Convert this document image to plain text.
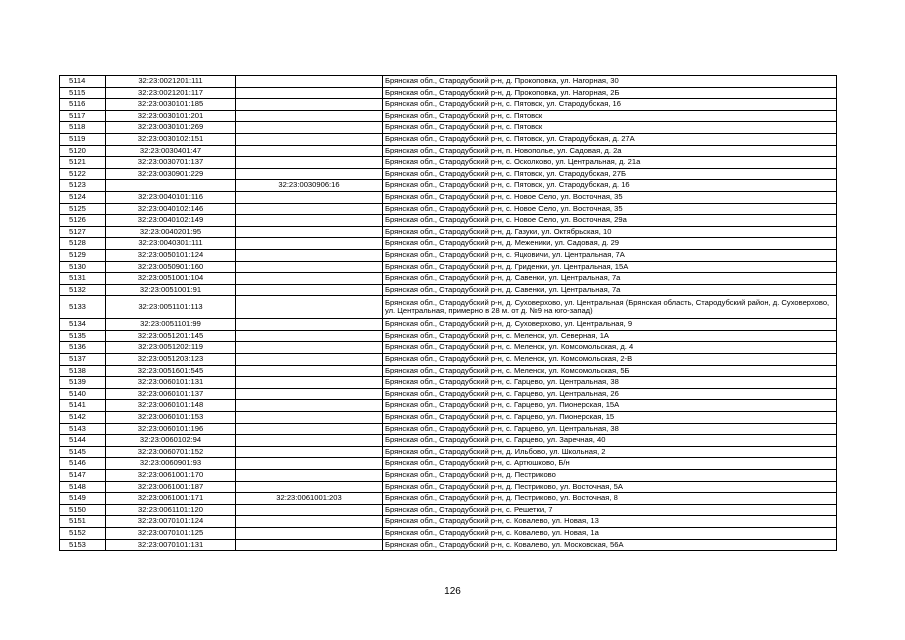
5114	32:23:0021201:111		Брянская обл., Стародубский р-н, д. Прокоповка, ул. Нагорная, 30
5115	32:23:0021201:117		Брянская обл., Стародубский р-н, д. Прокоповка, ул. Нагорная, 2Б
5116	32:23:0030101:185		Брянская обл., Стародубский р-н, с. Пятовск, ул. Стародубская, 16
5117	32:23:0030101:201		Брянская обл., Стародубский р-н, с. Пятовск
5118	32:23:0030101:269		Брянская обл., Стародубский р-н, с. Пятовск
5119	32:23:0030102:151		Брянская обл., Стародубский р-н, с. Пятовск, ул. Стародубская, д. 27А
5120	32:23:0030401:47		Брянская обл., Стародубский р-н, п. Новополье, ул. Садовая, д. 2а
5121	32:23:0030701:137		Брянская обл., Стародубский р-н, с. Осколково, ул. Центральная, д. 21а
5122	32:23:0030901:229		Брянская обл., Стародубский р-н, с. Пятовск, ул. Стародубская, 27Б
5123		32:23:0030906:16	Брянская обл., Стародубский р-н, с. Пятовск, ул. Стародубская, д. 16
5124	32:23:0040101:116		Брянская обл., Стародубский р-н, с. Новое Село, ул. Восточная, 35
5125	32:23:0040102:146		Брянская обл., Стародубский р-н, с. Новое Село, ул. Восточная, 35
5126	32:23:0040102:149		Брянская обл., Стародубский р-н, с. Новое Село, ул. Восточная, 29а
5127	32:23:0040201:95		Брянская обл., Стародубский р-н, д. Газуки, ул. Октябрьская, 10
5128	32:23:0040301:111		Брянская обл., Стародубский р-н, д. Меженики, ул. Садовая, д. 29
5129	32:23:0050101:124		Брянская обл., Стародубский р-н, с. Яцковичи, ул. Центральная, 7А
5130	32:23:0050901:160		Брянская обл., Стародубский р-н, д. Гриденки, ул. Центральная, 15А
5131	32:23:0051001:104		Брянская обл., Стародубский р-н, д. Савенки, ул. Центральная, 7а
5132	32:23:0051001:91		Брянская обл., Стародубский р-н, д. Савенки, ул. Центральная, 7а
5133	32:23:0051101:113		Брянская обл., Стародубский р-н, д. Суховерхово, ул. Центральная (Брянская область, Стародубский район, д. Суховерхово, ул. Центральная, примерно в 28 м. от д. №9 на юго-запад)
5134	32:23:0051101:99		Брянская обл., Стародубский р-н, д. Суховерхово, ул. Центральная, 9
5135	32:23:0051201:145		Брянская обл., Стародубский р-н, с. Меленск, ул. Северная, 1А
5136	32:23:0051202:119		Брянская обл., Стародубский р-н, с. Меленск, ул. Комсомольская, д. 4
5137	32:23:0051203:123		Брянская обл., Стародубский р-н, с. Меленск, ул. Комсомольская, 2-В
5138	32:23:0051601:545		Брянская обл., Стародубский р-н, с. Меленск, ул. Комсомольская, 5Б
5139	32:23:0060101:131		Брянская обл., Стародубский р-н, с. Гарцево, ул. Центральная, 38
5140	32:23:0060101:137		Брянская обл., Стародубский р-н, с. Гарцево, ул. Центральная, 26
5141	32:23:0060101:148		Брянская обл., Стародубский р-н, с. Гарцево, ул. Пионерская, 15А
5142	32:23:0060101:153		Брянская обл., Стародубский р-н, с. Гарцево, ул. Пионерская, 15
5143	32:23:0060101:196		Брянская обл., Стародубский р-н, с. Гарцево, ул. Центральная, 38
5144	32:23:0060102:94		Брянская обл., Стародубский р-н, с. Гарцево, ул. Заречная, 40
5145	32:23:0060701:152		Брянская обл., Стародубский р-н, д. Ильбово, ул. Школьная, 2
5146	32:23:0060901:93		Брянская обл., Стародубский р-н, с. Артюшково, Б/н
5147	32:23:0061001:170		Брянская обл., Стародубский р-н, д. Пестриково
5148	32:23:0061001:187		Брянская обл., Стародубский р-н, д. Пестриково, ул. Восточная, 5А
5149	32:23:0061001:171	32:23:0061001:203	Брянская обл., Стародубский р-н, д. Пестриково, ул. Восточная, 8
5150	32:23:0061101:120		Брянская обл., Стародубский р-н, с. Решетки, 7
5151	32:23:0070101:124		Брянская обл., Стародубский р-н, с. Ковалево, ул. Новая, 13
5152	32:23:0070101:125		Брянская обл., Стародубский р-н, с. Ковалево, ул. Новая, 1а
5153	32:23:0070101:131		Брянская обл., Стародубский р-н, с. Ковалево, ул. Московская, 56А
126
